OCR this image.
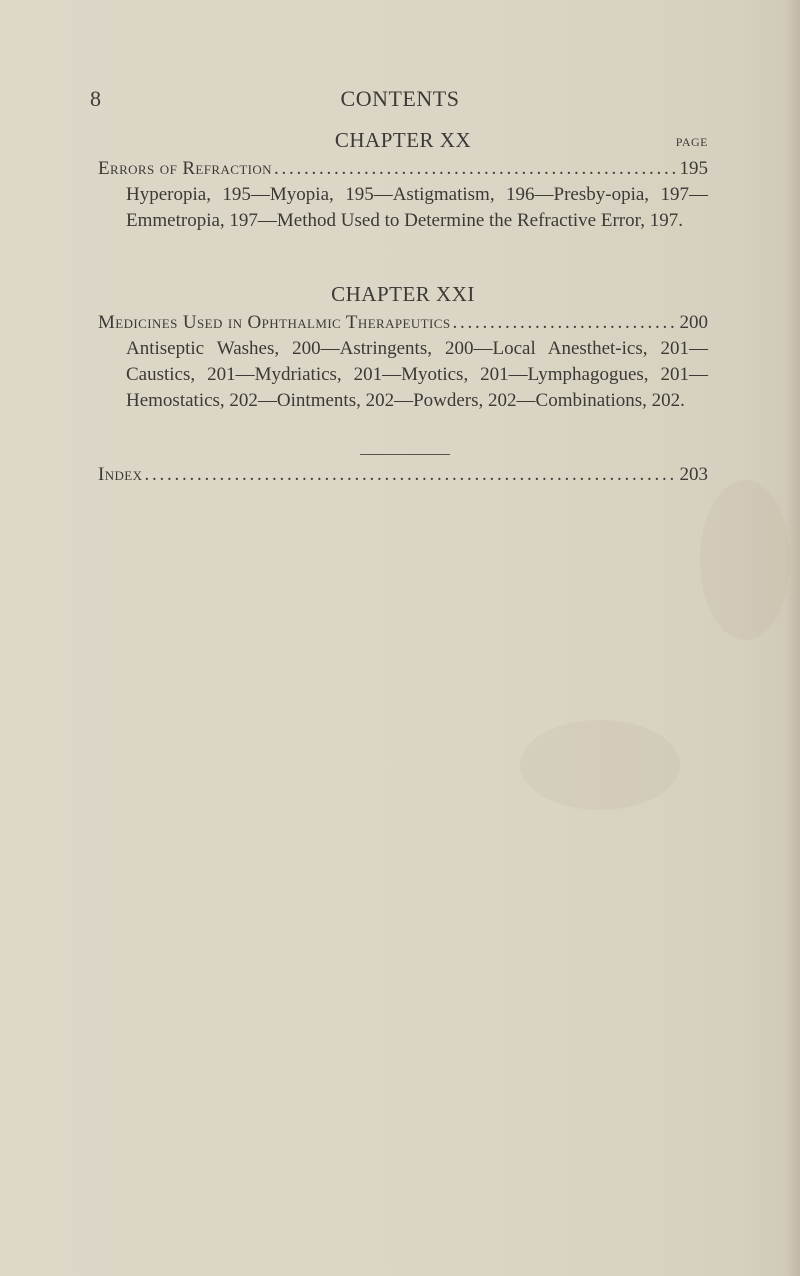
8	CONTENTS
CHAPTER XX	PAGE
Errors of Refraction . . .	195
Hyperopia, 195—Myopia, 195—Astigmatism, 196—Presby-opia, 197—Emmetropia, 197—Method Used to Determine the Refractive Error, 197.
CHAPTER XXI
Medicines Used in Ophthalmic Therapeutics . . .	200
Antiseptic Washes, 200—Astringents, 200—Local Anesthet-ics, 201—Caustics, 201—Mydriatics, 201—Myotics, 201—Lymphagogues, 201—Hemostatics, 202—Ointments, 202—Powders, 202—Combinations, 202.
Index . . .	203
